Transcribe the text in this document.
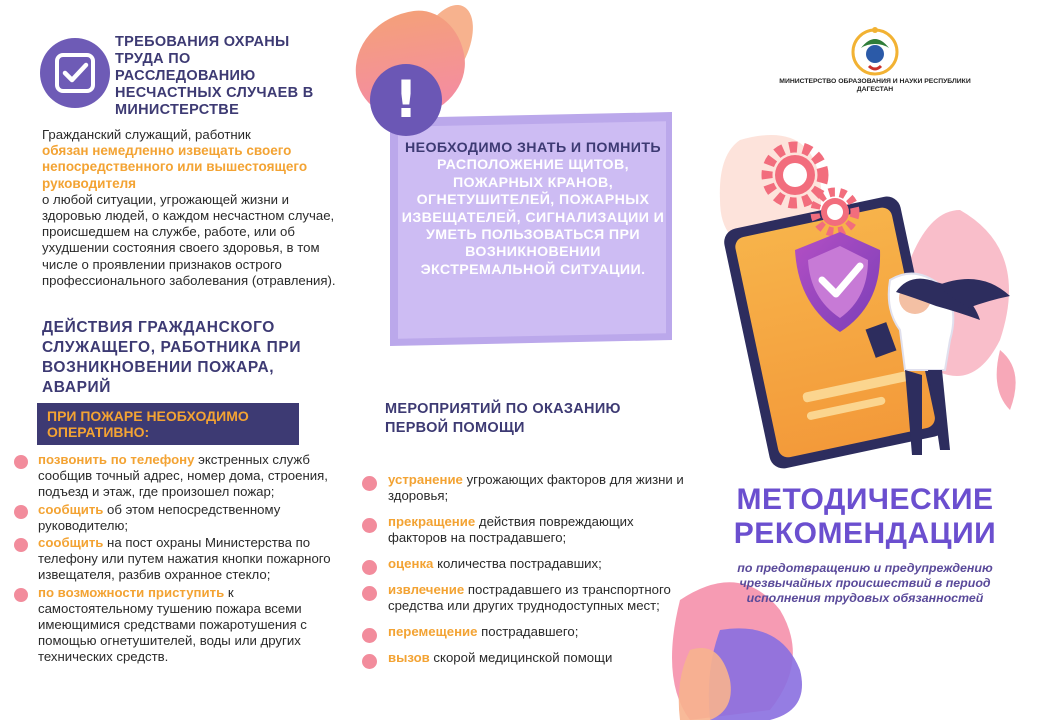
ТРЕБОВАНИЯ ОХРАНЫ ТРУДА ПО РАССЛЕДОВАНИЮ НЕСЧАСТНЫХ СЛУЧАЕВ В МИНИСТЕРСТВЕ
Гражданский служащий, работник
обязан немедленно извещать своего непосредственного или вышестоящего руководителя
о любой ситуации, угрожающей жизни и здоровью людей, о каждом несчастном случае, происшедшем на службе, работе, или об ухудшении состояния своего здоровья, в том числе о проявлении признаков острого профессионального заболевания (отравления).
ДЕЙСТВИЯ ГРАЖДАНСКОГО СЛУЖАЩЕГО, РАБОТНИКА ПРИ ВОЗНИКНОВЕНИИ ПОЖАРА, АВАРИЙ
ПРИ ПОЖАРЕ НЕОБХОДИМО ОПЕРАТИВНО:
позвонить по телефону экстренных служб сообщив точный адрес, номер дома, строения, подъезд и этаж, где произошел пожар;
сообщить об этом непосредственному руководителю;
сообщить на пост охраны Министерства по телефону или путем нажатия кнопки пожарного извещателя, разбив охранное стекло;
по возможности приступить к самостоятельному тушению пожара всеми имеющимися средствами пожаротушения с помощью огнетушителей, воды или других технических средств.
!
НЕОБХОДИМО ЗНАТЬ И ПОМНИТЬ РАСПОЛОЖЕНИЕ ЩИТОВ, ПОЖАРНЫХ КРАНОВ, ОГНЕТУШИТЕЛЕЙ, ПОЖАРНЫХ ИЗВЕЩАТЕЛЕЙ, СИГНАЛИЗАЦИИ И УМЕТЬ ПОЛЬЗОВАТЬСЯ ПРИ ВОЗНИКНОВЕНИИ ЭКСТРЕМАЛЬНОЙ СИТУАЦИИ.
МЕРОПРИЯТИЙ ПО ОКАЗАНИЮ ПЕРВОЙ ПОМОЩИ
устранение угрожающих факторов для жизни и здоровья;
прекращение действия повреждающих факторов на пострадавшего;
оценка количества пострадавших;
извлечение пострадавшего из транспортного средства или других труднодоступных мест;
перемещение пострадавшего;
вызов скорой медицинской помощи
МИНИСТЕРСТВО ОБРАЗОВАНИЯ И НАУКИ РЕСПУБЛИКИ ДАГЕСТАН
МЕТОДИЧЕСКИЕ РЕКОМЕНДАЦИИ
по предотвращению и предупреждению чрезвычайных происшествий в период исполнения трудовых обязанностей
